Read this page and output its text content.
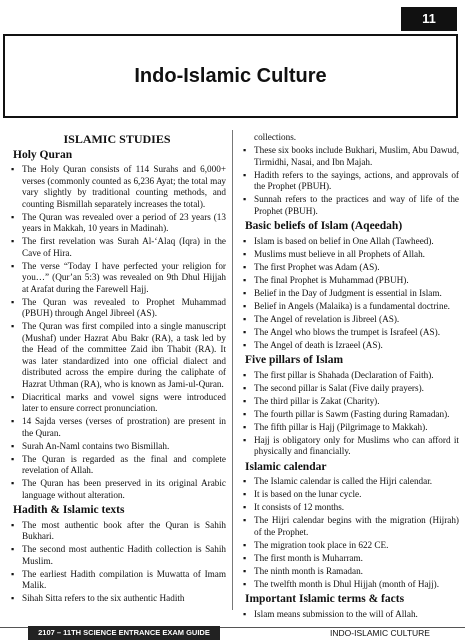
11
Indo-Islamic Culture
ISLAMIC STUDIES
Holy Quran
▪ The Holy Quran consists of 114 Surahs and 6,000+ verses (commonly counted as 6,236 Ayat; the total may vary slightly by traditional counting methods, and counting Bismillah separately increases the total).
▪ The Quran was revealed over a period of 23 years (13 years in Makkah, 10 years in Madinah).
▪ The first revelation was Surah Al-‘Alaq (Iqra) in the Cave of Hira.
▪ The verse “Today I have perfected your religion for you…” (Qur’an 5:3) was revealed on 9th Dhul Hijjah at Arafat during the Farewell Hajj.
▪ The Quran was revealed to Prophet Muhammad (PBUH) through Angel Jibreel (AS).
▪ The Quran was first compiled into a single manuscript (Mushaf) under Hazrat Abu Bakr (RA), a task led by the Head of the committee Zaid ibn Thabit (RA). It was later standardized into one official dialect and distributed across the empire during the caliphate of Hazrat Uthman (RA), who is known as Jami-ul-Quran.
▪ Diacritical marks and vowel signs were introduced later to ensure correct pronunciation.
▪ 14 Sajda verses (verses of prostration) are present in the Quran.
▪ Surah An-Naml contains two Bismillah.
▪ The Quran is regarded as the final and complete revelation of Allah.
▪ The Quran has been preserved in its original Arabic language without alteration.
Hadith & Islamic texts
▪ The most authentic book after the Quran is Sahih Bukhari.
▪ The second most authentic Hadith collection is Sahih Muslim.
▪ The earliest Hadith compilation is Muwatta of Imam Malik.
▪ Sihah Sitta refers to the six authentic Hadith
collections.
▪ These six books include Bukhari, Muslim, Abu Dawud, Tirmidhi, Nasai, and Ibn Majah.
▪ Hadith refers to the sayings, actions, and approvals of the Prophet (PBUH).
▪ Sunnah refers to the practices and way of life of the Prophet (PBUH).
Basic beliefs of Islam (Aqeedah)
▪ Islam is based on belief in One Allah (Tawheed).
▪ Muslims must believe in all Prophets of Allah.
▪ The first Prophet was Adam (AS).
▪ The final Prophet is Muhammad (PBUH).
▪ Belief in the Day of Judgment is essential in Islam.
▪ Belief in Angels (Malaika) is a fundamental doctrine.
▪ The Angel of revelation is Jibreel (AS).
▪ The Angel who blows the trumpet is Israfeel (AS).
▪ The Angel of death is Izraeel (AS).
Five pillars of Islam
▪ The first pillar is Shahada (Declaration of Faith).
▪ The second pillar is Salat (Five daily prayers).
▪ The third pillar is Zakat (Charity).
▪ The fourth pillar is Sawm (Fasting during Ramadan).
▪ The fifth pillar is Hajj (Pilgrimage to Makkah).
▪ Hajj is obligatory only for Muslims who can afford it physically and financially.
Islamic calendar
▪ The Islamic calendar is called the Hijri calendar.
▪ It is based on the lunar cycle.
▪ It consists of 12 months.
▪ The Hijri calendar begins with the migration (Hijrah) of the Prophet.
▪ The migration took place in 622 CE.
▪ The first month is Muharram.
▪ The ninth month is Ramadan.
▪ The twelfth month is Dhul Hijjah (month of Hajj).
Important Islamic terms & facts
▪ Islam means submission to the will of Allah.
2107 – 11TH SCIENCE ENTRANCE EXAM GUIDE	INDO-ISLAMIC CULTURE
